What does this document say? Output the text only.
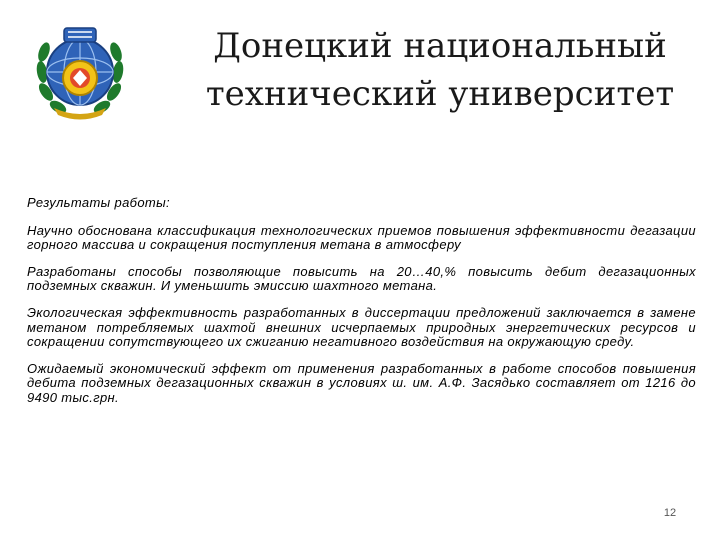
Донецкий национальный
технический университет

Результаты работы:

Научно обоснована классификация технологических приемов повышения эффективности дегазации горного массива и сокращения поступления метана в атмосферу

Разработаны способы позволяющие повысить на 20…40,% повысить дебит дегазационных подземных скважин. И уменьшить эмиссию шахтного метана.

Экологическая эффективность разработанных в диссертации предложений заключается в замене метаном потребляемых шахтой внешних исчерпаемых природных энергетических ресурсов и сокращении сопутствующего их сжиганию негативного воздействия на окружающую среду.

Ожидаемый экономический эффект от применения разработанных в работе способов повышения дебита подземных дегазационных скважин в условиях ш. им. А.Ф. Засядько составляет от 1216 до 9490 тыс.грн.

12
